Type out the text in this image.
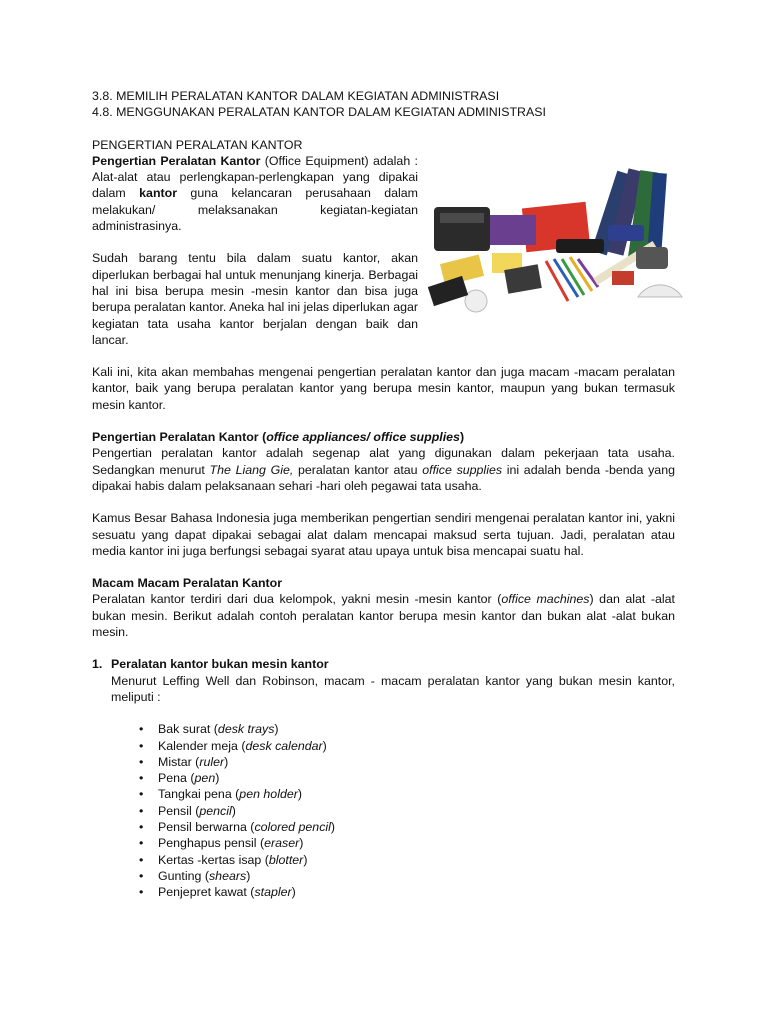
3.8. MEMILIH PERALATAN KANTOR DALAM KEGIATAN ADMINISTRASI

4.8. MENGGUNAKAN PERALATAN KANTOR DALAM KEGIATAN ADMINISTRASI

PENGERTIAN PERALATAN KANTOR

Pengertian Peralatan Kantor (Office Equipment) adalah : Alat-alat atau perlengkapan-perlengkapan yang dipakai dalam kantor guna kelancaran perusahaan dalam melakukan/ melaksanakan kegiatan-kegiatan administrasinya.

Sudah barang tentu bila dalam suatu kantor, akan diperlukan berbagai hal untuk menunjang kinerja. Berbagai hal ini bisa berupa mesin -mesin kantor dan bisa juga berupa peralatan kantor. Aneka hal ini jelas diperlukan agar kegiatan tata usaha kantor berjalan dengan baik dan lancar.

Kali ini, kita akan membahas mengenai pengertian peralatan kantor dan juga macam -macam peralatan kantor, baik yang berupa peralatan kantor yang berupa mesin kantor, maupun yang bukan termasuk mesin kantor.

Pengertian Peralatan Kantor (office appliances/ office supplies)

Pengertian peralatan kantor adalah segenap alat yang digunakan dalam pekerjaan tata usaha. Sedangkan menurut The Liang Gie, peralatan kantor atau office supplies ini adalah benda -benda yang dipakai habis dalam pelaksanaan sehari -hari oleh pegawai tata usaha.

Kamus Besar Bahasa Indonesia juga memberikan pengertian sendiri mengenai peralatan kantor ini, yakni sesuatu yang dapat dipakai sebagai alat dalam mencapai maksud serta tujuan. Jadi, peralatan atau media kantor ini juga berfungsi sebagai syarat atau upaya untuk bisa mencapai suatu hal.

Macam Macam Peralatan Kantor

Peralatan kantor terdiri dari dua kelompok, yakni mesin -mesin kantor (office machines) dan alat -alat bukan mesin. Berikut adalah contoh peralatan kantor berupa mesin kantor dan bukan alat -alat bukan mesin.

1. Peralatan kantor bukan mesin kantor

Menurut Leffing Well dan Robinson, macam - macam peralatan kantor yang bukan mesin kantor, meliputi :

• Bak surat (desk trays)
• Kalender meja (desk calendar)
• Mistar (ruler)
• Pena (pen)
• Tangkai pena (pen holder)
• Pensil (pencil)
• Pensil berwarna (colored pencil)
• Penghapus pensil (eraser)
• Kertas -kertas isap (blotter)
• Gunting (shears)
• Penjepret kawat (stapler)
